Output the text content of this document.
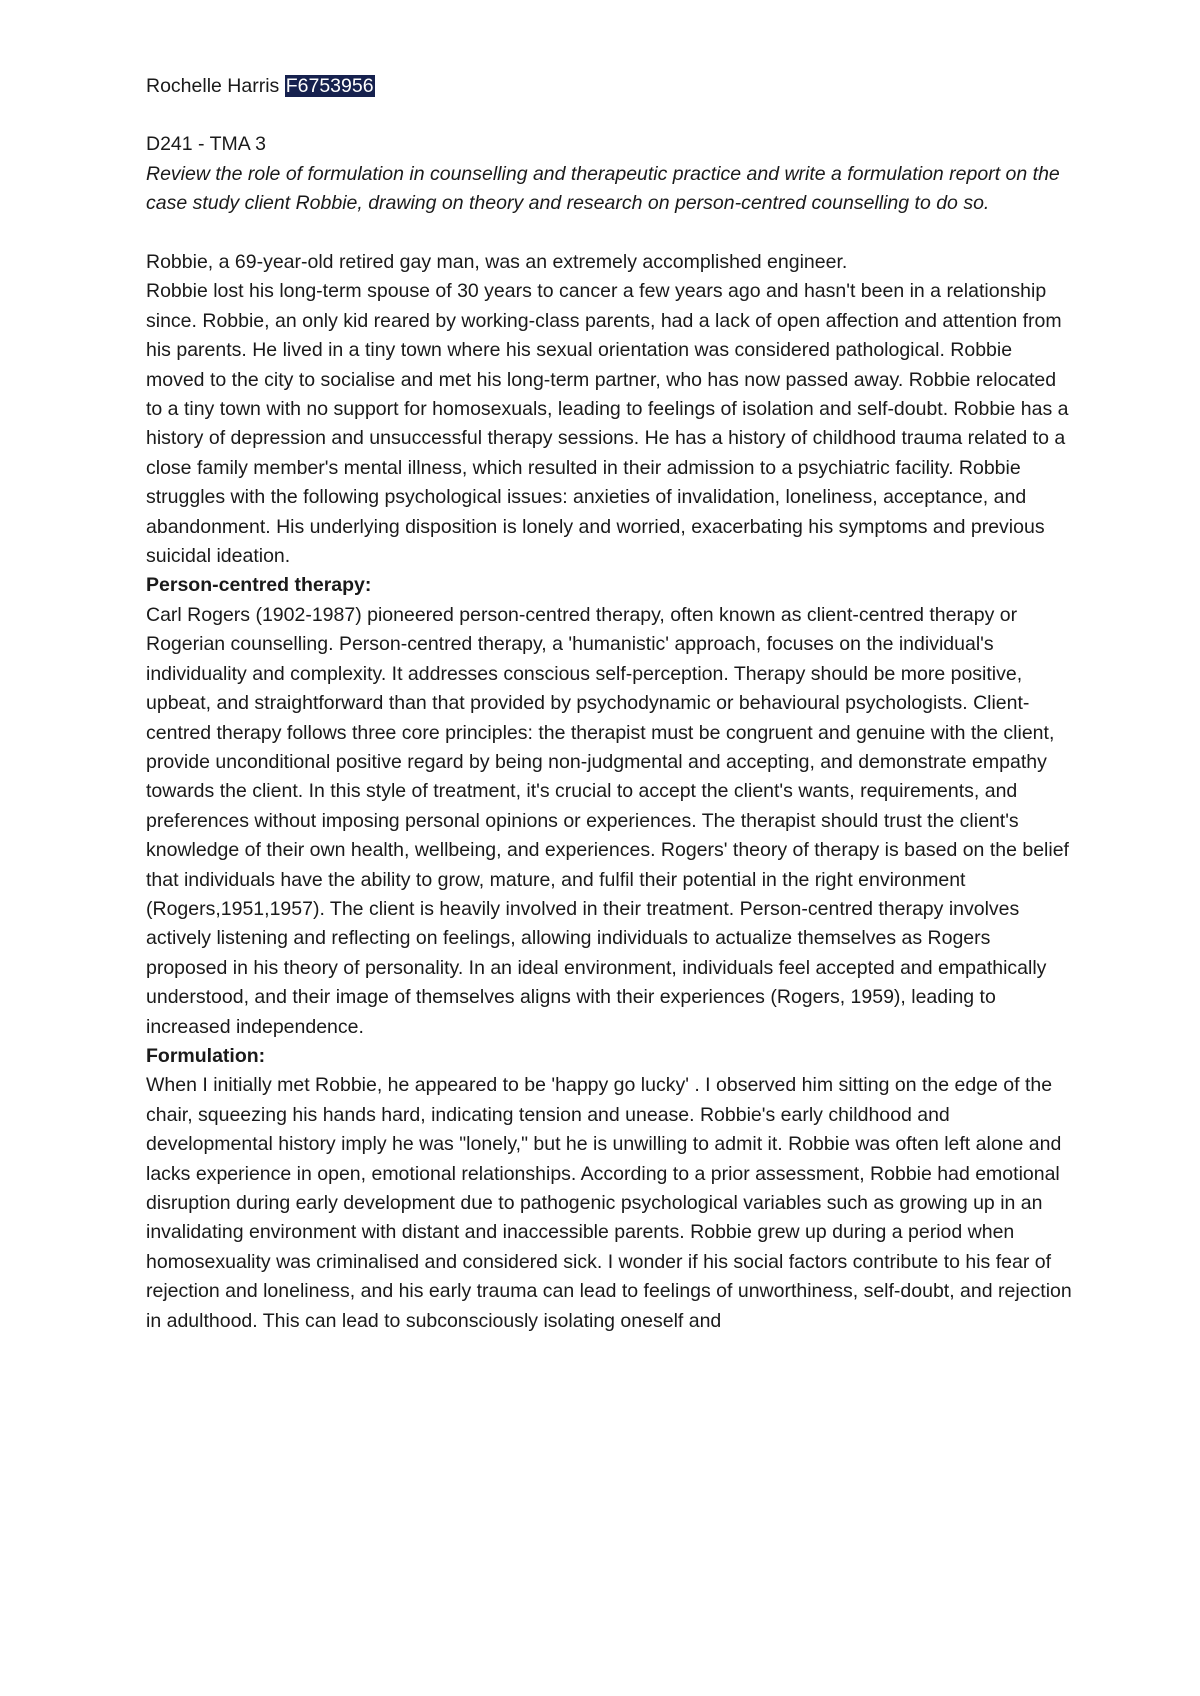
Rochelle Harris F6753956

D241 - TMA 3

Review the role of formulation in counselling and therapeutic practice and write a formulation report on the case study client Robbie, drawing on theory and research on person-centred counselling to do so.

Robbie, a 69-year-old retired gay man, was an extremely accomplished engineer.

Robbie lost his long-term spouse of 30 years to cancer a few years ago and hasn't been in a relationship since. Robbie, an only kid reared by working-class parents, had a lack of open affection and attention from his parents. He lived in a tiny town where his sexual orientation was considered pathological. Robbie moved to the city to socialise and met his long-term partner, who has now passed away. Robbie relocated to a tiny town with no support for homosexuals, leading to feelings of isolation and self-doubt. Robbie has a history of depression and unsuccessful therapy sessions. He has a history of childhood trauma related to a close family member's mental illness, which resulted in their admission to a psychiatric facility. Robbie struggles with the following psychological issues: anxieties of invalidation, loneliness, acceptance, and abandonment. His underlying disposition is lonely and worried, exacerbating his symptoms and previous suicidal ideation.

Person-centred therapy:

Carl Rogers (1902-1987) pioneered person-centred therapy, often known as client-centred therapy or Rogerian counselling. Person-centred therapy, a 'humanistic' approach, focuses on the individual's individuality and complexity. It addresses conscious self-perception. Therapy should be more positive, upbeat, and straightforward than that provided by psychodynamic or behavioural psychologists. Client-centred therapy follows three core principles: the therapist must be congruent and genuine with the client, provide unconditional positive regard by being non-judgmental and accepting, and demonstrate empathy towards the client. In this style of treatment, it's crucial to accept the client's wants, requirements, and preferences without imposing personal opinions or experiences. The therapist should trust the client's knowledge of their own health, wellbeing, and experiences. Rogers' theory of therapy is based on the belief that individuals have the ability to grow, mature, and fulfil their potential in the right environment (Rogers,1951,1957). The client is heavily involved in their treatment. Person-centred therapy involves actively listening and reflecting on feelings, allowing individuals to actualize themselves as Rogers proposed in his theory of personality. In an ideal environment, individuals feel accepted and empathically understood, and their image of themselves aligns with their experiences (Rogers, 1959), leading to increased independence.

Formulation:

When I initially met Robbie, he appeared to be 'happy go lucky' . I observed him sitting on the edge of the chair, squeezing his hands hard, indicating tension and unease. Robbie's early childhood and developmental history imply he was "lonely," but he is unwilling to admit it. Robbie was often left alone and lacks experience in open, emotional relationships. According to a prior assessment, Robbie had emotional disruption during early development due to pathogenic psychological variables such as growing up in an invalidating environment with distant and inaccessible parents. Robbie grew up during a period when homosexuality was criminalised and considered sick. I wonder if his social factors contribute to his fear of rejection and loneliness, and his early trauma can lead to feelings of unworthiness, self-doubt, and rejection in adulthood. This can lead to subconsciously isolating oneself and
